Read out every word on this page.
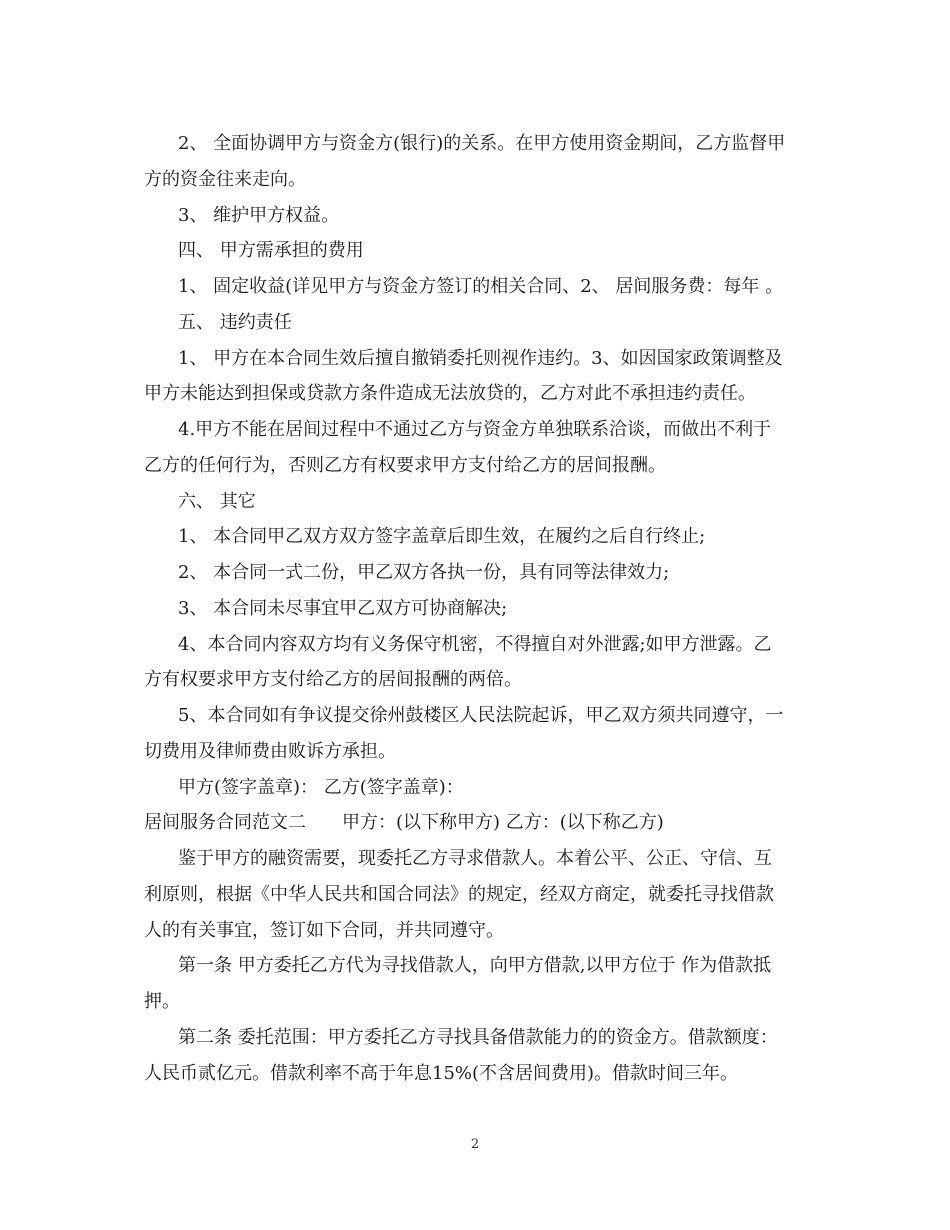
2、 全面协调甲方与资金方(银行)的关系。在甲方使用资金期间，乙方监督甲
方的资金往来走向。
3、 维护甲方权益。
四、 甲方需承担的费用
1、 固定收益(详见甲方与资金方签订的相关合同、2、 居间服务费：每年 。
五、 违约责任
1、 甲方在本合同生效后擅自撤销委托则视作违约。3、如因国家政策调整及
甲方未能达到担保或贷款方条件造成无法放贷的，乙方对此不承担违约责任。
4.甲方不能在居间过程中不通过乙方与资金方单独联系洽谈，而做出不利于
乙方的任何行为，否则乙方有权要求甲方支付给乙方的居间报酬。
六、 其它
1、 本合同甲乙双方双方签字盖章后即生效，在履约之后自行终止;
2、 本合同一式二份，甲乙双方各执一份，具有同等法律效力;
3、 本合同未尽事宜甲乙双方可协商解决;
4、本合同内容双方均有义务保守机密，不得擅自对外泄露;如甲方泄露。乙
方有权要求甲方支付给乙方的居间报酬的两倍。
5、本合同如有争议提交徐州鼓楼区人民法院起诉，甲乙双方须共同遵守，一
切费用及律师费由败诉方承担。
甲方(签字盖章)： 乙方(签字盖章)：
居间服务合同范文二　　甲方：(以下称甲方) 乙方：(以下称乙方)
鉴于甲方的融资需要，现委托乙方寻求借款人。本着公平、公正、守信、互
利原则，根据《中华人民共和国合同法》的规定，经双方商定，就委托寻找借款
人的有关事宜，签订如下合同，并共同遵守。
第一条 甲方委托乙方代为寻找借款人，向甲方借款,以甲方位于 作为借款抵
押。
第二条 委托范围：甲方委托乙方寻找具备借款能力的的资金方。借款额度：
人民币贰亿元。借款利率不高于年息15%(不含居间费用)。借款时间三年。
2
